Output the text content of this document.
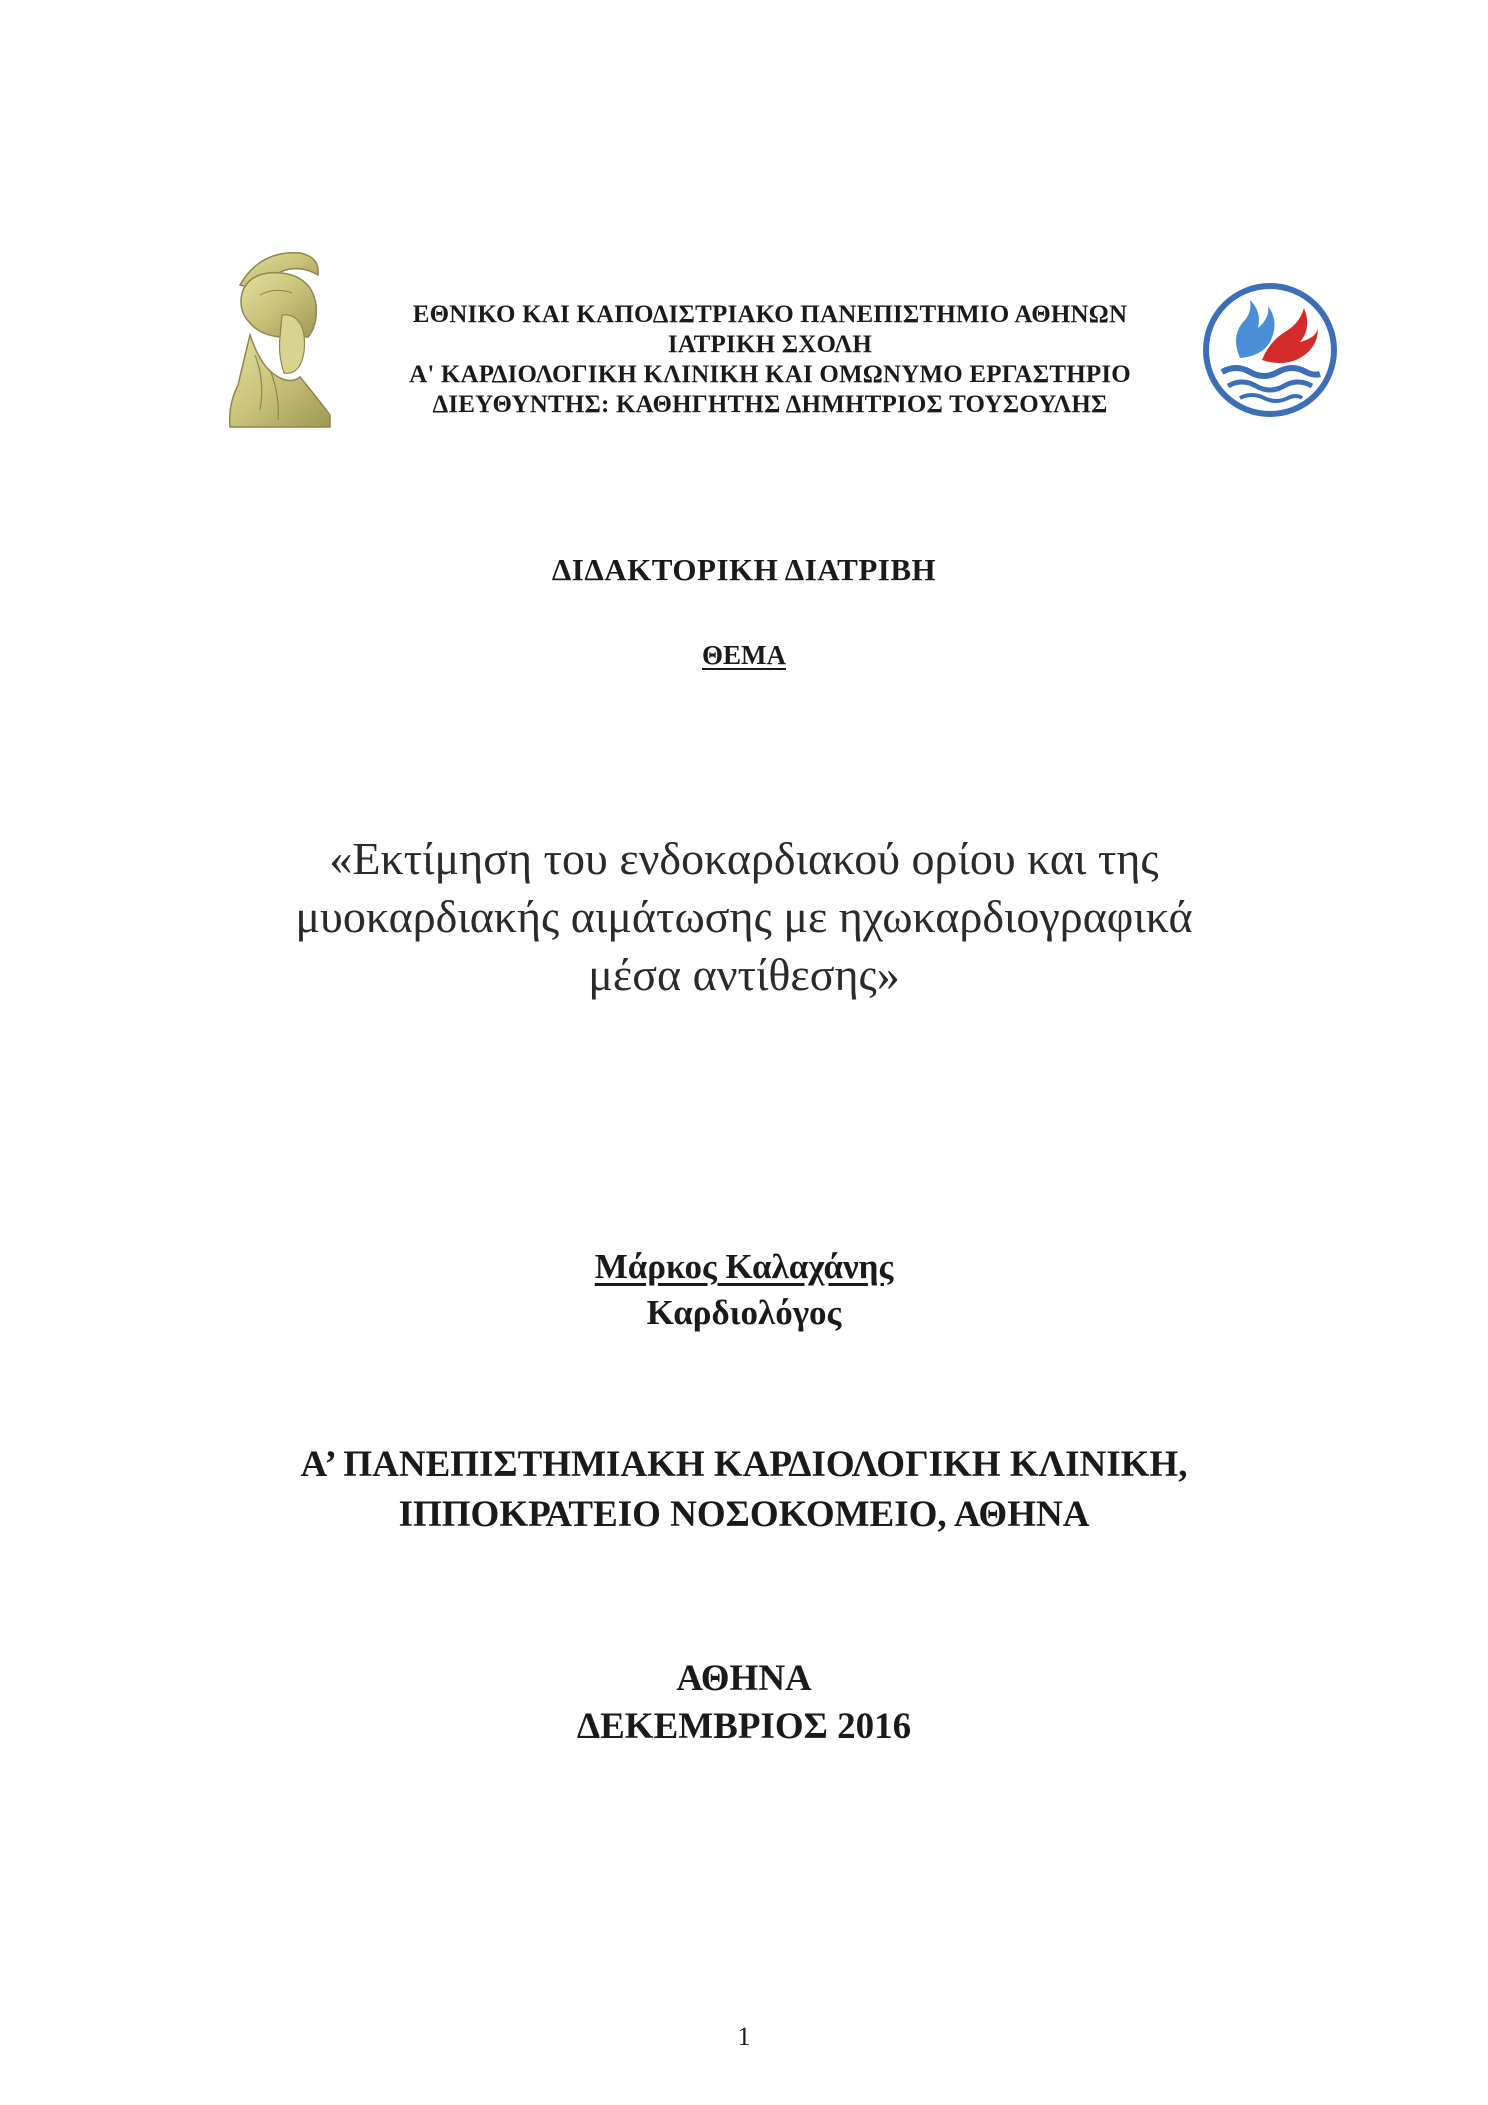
ΕΘΝΙΚΟ ΚΑΙ ΚΑΠΟΔΙΣΤΡΙΑΚΟ ΠΑΝΕΠΙΣΤΗΜΙΟ ΑΘΗΝΩΝ
ΙΑΤΡΙΚΗ ΣΧΟΛΗ
Α' ΚΑΡΔΙΟΛΟΓΙΚΗ ΚΛΙΝΙΚΗ ΚΑΙ ΟΜΩΝΥΜΟ ΕΡΓΑΣΤΗΡΙΟ
ΔΙΕΥΘΥΝΤΗΣ: ΚΑΘΗΓΗΤΗΣ ΔΗΜΗΤΡΙΟΣ ΤΟΥΣΟΥΛΗΣ
ΔΙΔΑΚΤΟΡΙΚΗ ΔΙΑΤΡΙΒΗ
ΘΕΜΑ
«Εκτίμηση του ενδοκαρδιακού ορίου και της
μυοκαρδιακής αιμάτωσης με ηχωκαρδιογραφικά
μέσα αντίθεσης»
Μάρκος Καλαχάνης
Καρδιολόγος
Α’ ΠΑΝΕΠΙΣΤΗΜΙΑΚΗ ΚΑΡΔΙΟΛΟΓΙΚΗ ΚΛΙΝΙΚΗ,
ΙΠΠΟΚΡΑΤΕΙΟ ΝΟΣΟΚΟΜΕΙΟ, ΑΘΗΝΑ
ΑΘΗΝΑ
ΔΕΚΕΜΒΡΙΟΣ 2016
1
